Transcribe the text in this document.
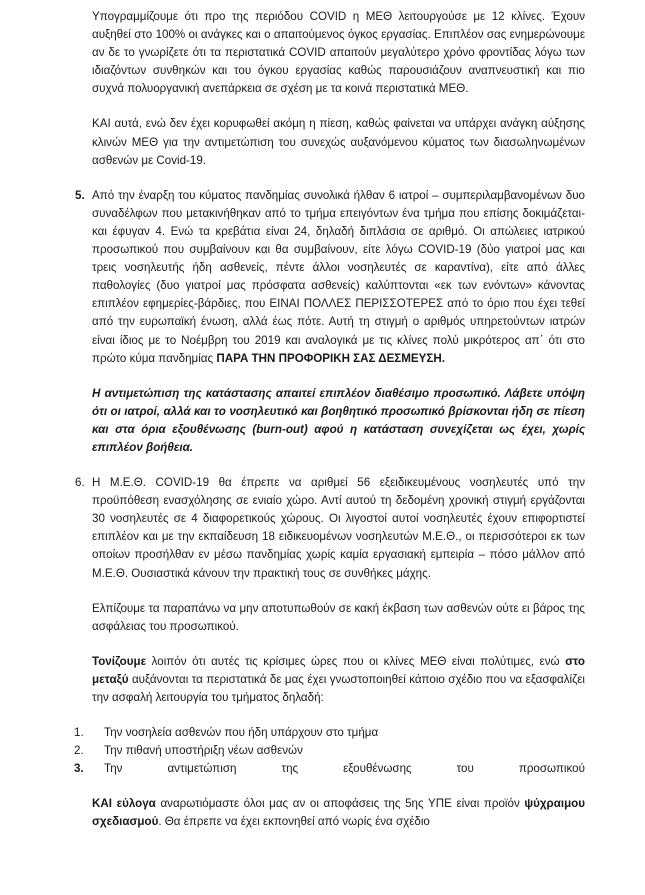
Υπογραμμίζουμε ότι προ της περιόδου COVID η ΜΕΘ λειτουργούσε με 12 κλίνες. Έχουν αυξηθεί στο 100% οι ανάγκες και ο απαιτούμενος όγκος εργασίας. Επιπλέον σας ενημερώνουμε αν δε το γνωρίζετε ότι τα περιστατικά COVID απαιτούν μεγαλύτερο χρόνο φροντίδας λόγω των ιδιαζόντων συνθηκών και του όγκου εργασίας καθώς παρουσιάζουν αναπνευστική και πιο συχνά πολυοργανική ανεπάρκεια σε σχέση με τα κοινά περιστατικά ΜΕΘ.

ΚΑΙ αυτά, ενώ δεν έχει κορυφωθεί ακόμη η πίεση, καθώς φαίνεται να υπάρχει ανάγκη αύξησης κλινών ΜΕΘ για την αντιμετώπιση του συνεχώς αυξανόμενου κύματος των διασωληνωμένων ασθενών με Covid-19.

5. Από την έναρξη του κύματος πανδημίας συνολικά ήλθαν 6 ιατροί – συμπεριλαμβανομένων δυο συναδέλφων που μετακινήθηκαν από το τμήμα επειγόντων ένα τμήμα που επίσης δοκιμάζεται- και έφυγαν 4. Ενώ τα κρεβάτια είναι 24, δηλαδή διπλάσια σε αριθμό. Οι απώλειες ιατρικού προσωπικού που συμβαίνουν και θα συμβαίνουν, είτε λόγω COVID-19 (δύο γιατροί μας και τρεις νοσηλευτής ήδη ασθενείς, πέντε άλλοι νοσηλευτές σε καραντίνα), είτε από άλλες παθολογίες (δυο γιατροί μας πρόσφατα ασθενείς) καλύπτονται «εκ των ενόντων» κάνοντας επιπλέον εφημερίες-βάρδιες, που ΕΙΝΑΙ ΠΟΛΛΕΣ ΠΕΡΙΣΣΟΤΕΡΕΣ από το όριο που έχει τεθεί από την ευρωπαϊκή ένωση, αλλά έως πότε. Αυτή τη στιγμή ο αριθμός υπηρετούντων ιατρών είναι ίδιος με το Νοέμβρη του 2019 και αναλογικά με τις κλίνες πολύ μικρότερος απ΄ ότι στο πρώτο κύμα πανδημίας ΠΑΡΑ ΤΗΝ ΠΡΟΦΟΡΙΚΗ ΣΑΣ ΔΕΣΜΕΥΣΗ.

Η αντιμετώπιση της κατάστασης απαιτεί επιπλέον διαθέσιμο προσωπικό. Λάβετε υπόψη ότι οι ιατροί, αλλά και το νοσηλευτικό και βοηθητικό προσωπικό βρίσκονται ήδη σε πίεση και στα όρια εξουθένωσης (burn-out) αφού η κατάσταση συνεχίζεται ως έχει, χωρίς επιπλέον βοήθεια.

6. Η Μ.Ε.Θ. COVID-19 θα έπρεπε να αριθμεί 56 εξειδικευμένους νοσηλευτές υπό την προϋπόθεση ενασχόλησης σε ενιαίο χώρο. Αντί αυτού τη δεδομένη χρονική στιγμή εργάζονται 30 νοσηλευτές σε 4 διαφορετικούς χώρους. Οι λιγοστοί αυτοί νοσηλευτές έχουν επιφορτιστεί επιπλέον και με την εκπαίδευση 18 ειδικευομένων νοσηλευτών Μ.Ε.Θ., οι περισσότεροι εκ των οποίων προσήλθαν εν μέσω πανδημίας χωρίς καμία εργασιακή εμπειρία – πόσο μάλλον από Μ.Ε.Θ. Ουσιαστικά κάνουν την πρακτική τους σε συνθήκες μάχης.

Ελπίζουμε τα παραπάνω να μην αποτυπωθούν σε κακή έκβαση των ασθενών ούτε ει βάρος της ασφάλειας του προσωπικού.

Τονίζουμε λοιπόν ότι αυτές τις κρίσιμες ώρες που οι κλίνες ΜΕΘ είναι πολύτιμες, ενώ στο μεταξύ αυξάνονται τα περιστατικά δε μας έχει γνωστοποιηθεί κάποιο σχέδιο που να εξασφαλίζει την ασφαλή λειτουργία του τμήματος δηλαδή:

1. Την νοσηλεία ασθενών που ήδη υπάρχουν στο τμήμα
2. Την πιθανή υποστήριξη νέων ασθενών
3. Την	αντιμετώπιση	της	εξουθένωσης	του	προσωπικού

ΚΑΙ εύλογα αναρωτιόμαστε όλοι μας αν οι αποφάσεις της 5ης ΥΠΕ είναι προϊόν ψύχραιμου σχεδιασμού. Θα έπρεπε να έχει εκπονηθεί από νωρίς ένα σχέδιο
